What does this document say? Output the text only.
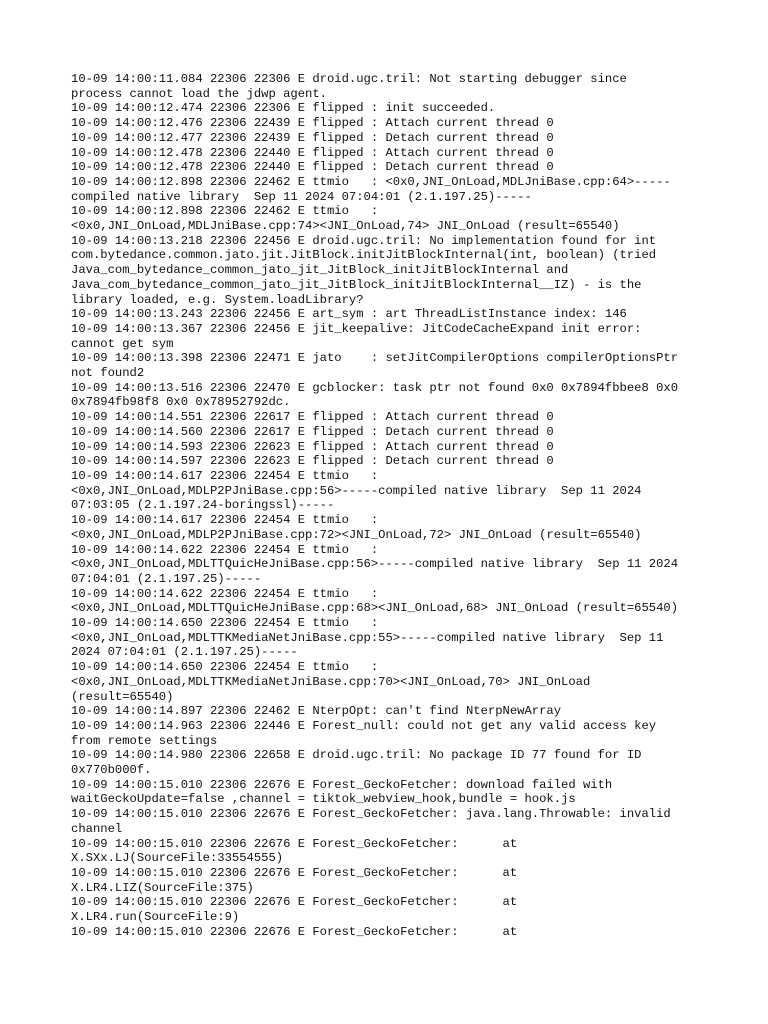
10-09 14:00:11.084 22306 22306 E droid.ugc.tril: Not starting debugger since
process cannot load the jdwp agent.
10-09 14:00:12.474 22306 22306 E flipped : init succeeded.
10-09 14:00:12.476 22306 22439 E flipped : Attach current thread 0
10-09 14:00:12.477 22306 22439 E flipped : Detach current thread 0
10-09 14:00:12.478 22306 22440 E flipped : Attach current thread 0
10-09 14:00:12.478 22306 22440 E flipped : Detach current thread 0
10-09 14:00:12.898 22306 22462 E ttmio   : <0x0,JNI_OnLoad,MDLJniBase.cpp:64>-----
compiled native library  Sep 11 2024 07:04:01 (2.1.197.25)-----
10-09 14:00:12.898 22306 22462 E ttmio   :
<0x0,JNI_OnLoad,MDLJniBase.cpp:74><JNI_OnLoad,74> JNI_OnLoad (result=65540)
10-09 14:00:13.218 22306 22456 E droid.ugc.tril: No implementation found for int
com.bytedance.common.jato.jit.JitBlock.initJitBlockInternal(int, boolean) (tried
Java_com_bytedance_common_jato_jit_JitBlock_initJitBlockInternal and
Java_com_bytedance_common_jato_jit_JitBlock_initJitBlockInternal__IZ) - is the
library loaded, e.g. System.loadLibrary?
10-09 14:00:13.243 22306 22456 E art_sym : art ThreadListInstance index: 146
10-09 14:00:13.367 22306 22456 E jit_keepalive: JitCodeCacheExpand init error:
cannot get sym
10-09 14:00:13.398 22306 22471 E jato    : setJitCompilerOptions compilerOptionsPtr
not found2
10-09 14:00:13.516 22306 22470 E gcblocker: task ptr not found 0x0 0x7894fbbee8 0x0
0x7894fb98f8 0x0 0x78952792dc.
10-09 14:00:14.551 22306 22617 E flipped : Attach current thread 0
10-09 14:00:14.560 22306 22617 E flipped : Detach current thread 0
10-09 14:00:14.593 22306 22623 E flipped : Attach current thread 0
10-09 14:00:14.597 22306 22623 E flipped : Detach current thread 0
10-09 14:00:14.617 22306 22454 E ttmio   :
<0x0,JNI_OnLoad,MDLP2PJniBase.cpp:56>-----compiled native library  Sep 11 2024
07:03:05 (2.1.197.24-boringssl)-----
10-09 14:00:14.617 22306 22454 E ttmio   :
<0x0,JNI_OnLoad,MDLP2PJniBase.cpp:72><JNI_OnLoad,72> JNI_OnLoad (result=65540)
10-09 14:00:14.622 22306 22454 E ttmio   :
<0x0,JNI_OnLoad,MDLTTQuicHeJniBase.cpp:56>-----compiled native library  Sep 11 2024
07:04:01 (2.1.197.25)-----
10-09 14:00:14.622 22306 22454 E ttmio   :
<0x0,JNI_OnLoad,MDLTTQuicHeJniBase.cpp:68><JNI_OnLoad,68> JNI_OnLoad (result=65540)
10-09 14:00:14.650 22306 22454 E ttmio   :
<0x0,JNI_OnLoad,MDLTTKMediaNetJniBase.cpp:55>-----compiled native library  Sep 11
2024 07:04:01 (2.1.197.25)-----
10-09 14:00:14.650 22306 22454 E ttmio   :
<0x0,JNI_OnLoad,MDLTTKMediaNetJniBase.cpp:70><JNI_OnLoad,70> JNI_OnLoad
(result=65540)
10-09 14:00:14.897 22306 22462 E NterpOpt: can't find NterpNewArray
10-09 14:00:14.963 22306 22446 E Forest_null: could not get any valid access key
from remote settings
10-09 14:00:14.980 22306 22658 E droid.ugc.tril: No package ID 77 found for ID
0x770b000f.
10-09 14:00:15.010 22306 22676 E Forest_GeckoFetcher: download failed with
waitGeckoUpdate=false ,channel = tiktok_webview_hook,bundle = hook.js
10-09 14:00:15.010 22306 22676 E Forest_GeckoFetcher: java.lang.Throwable: invalid
channel
10-09 14:00:15.010 22306 22676 E Forest_GeckoFetcher:      at
X.SXx.LJ(SourceFile:33554555)
10-09 14:00:15.010 22306 22676 E Forest_GeckoFetcher:      at
X.LR4.LIZ(SourceFile:375)
10-09 14:00:15.010 22306 22676 E Forest_GeckoFetcher:      at
X.LR4.run(SourceFile:9)
10-09 14:00:15.010 22306 22676 E Forest_GeckoFetcher:      at
